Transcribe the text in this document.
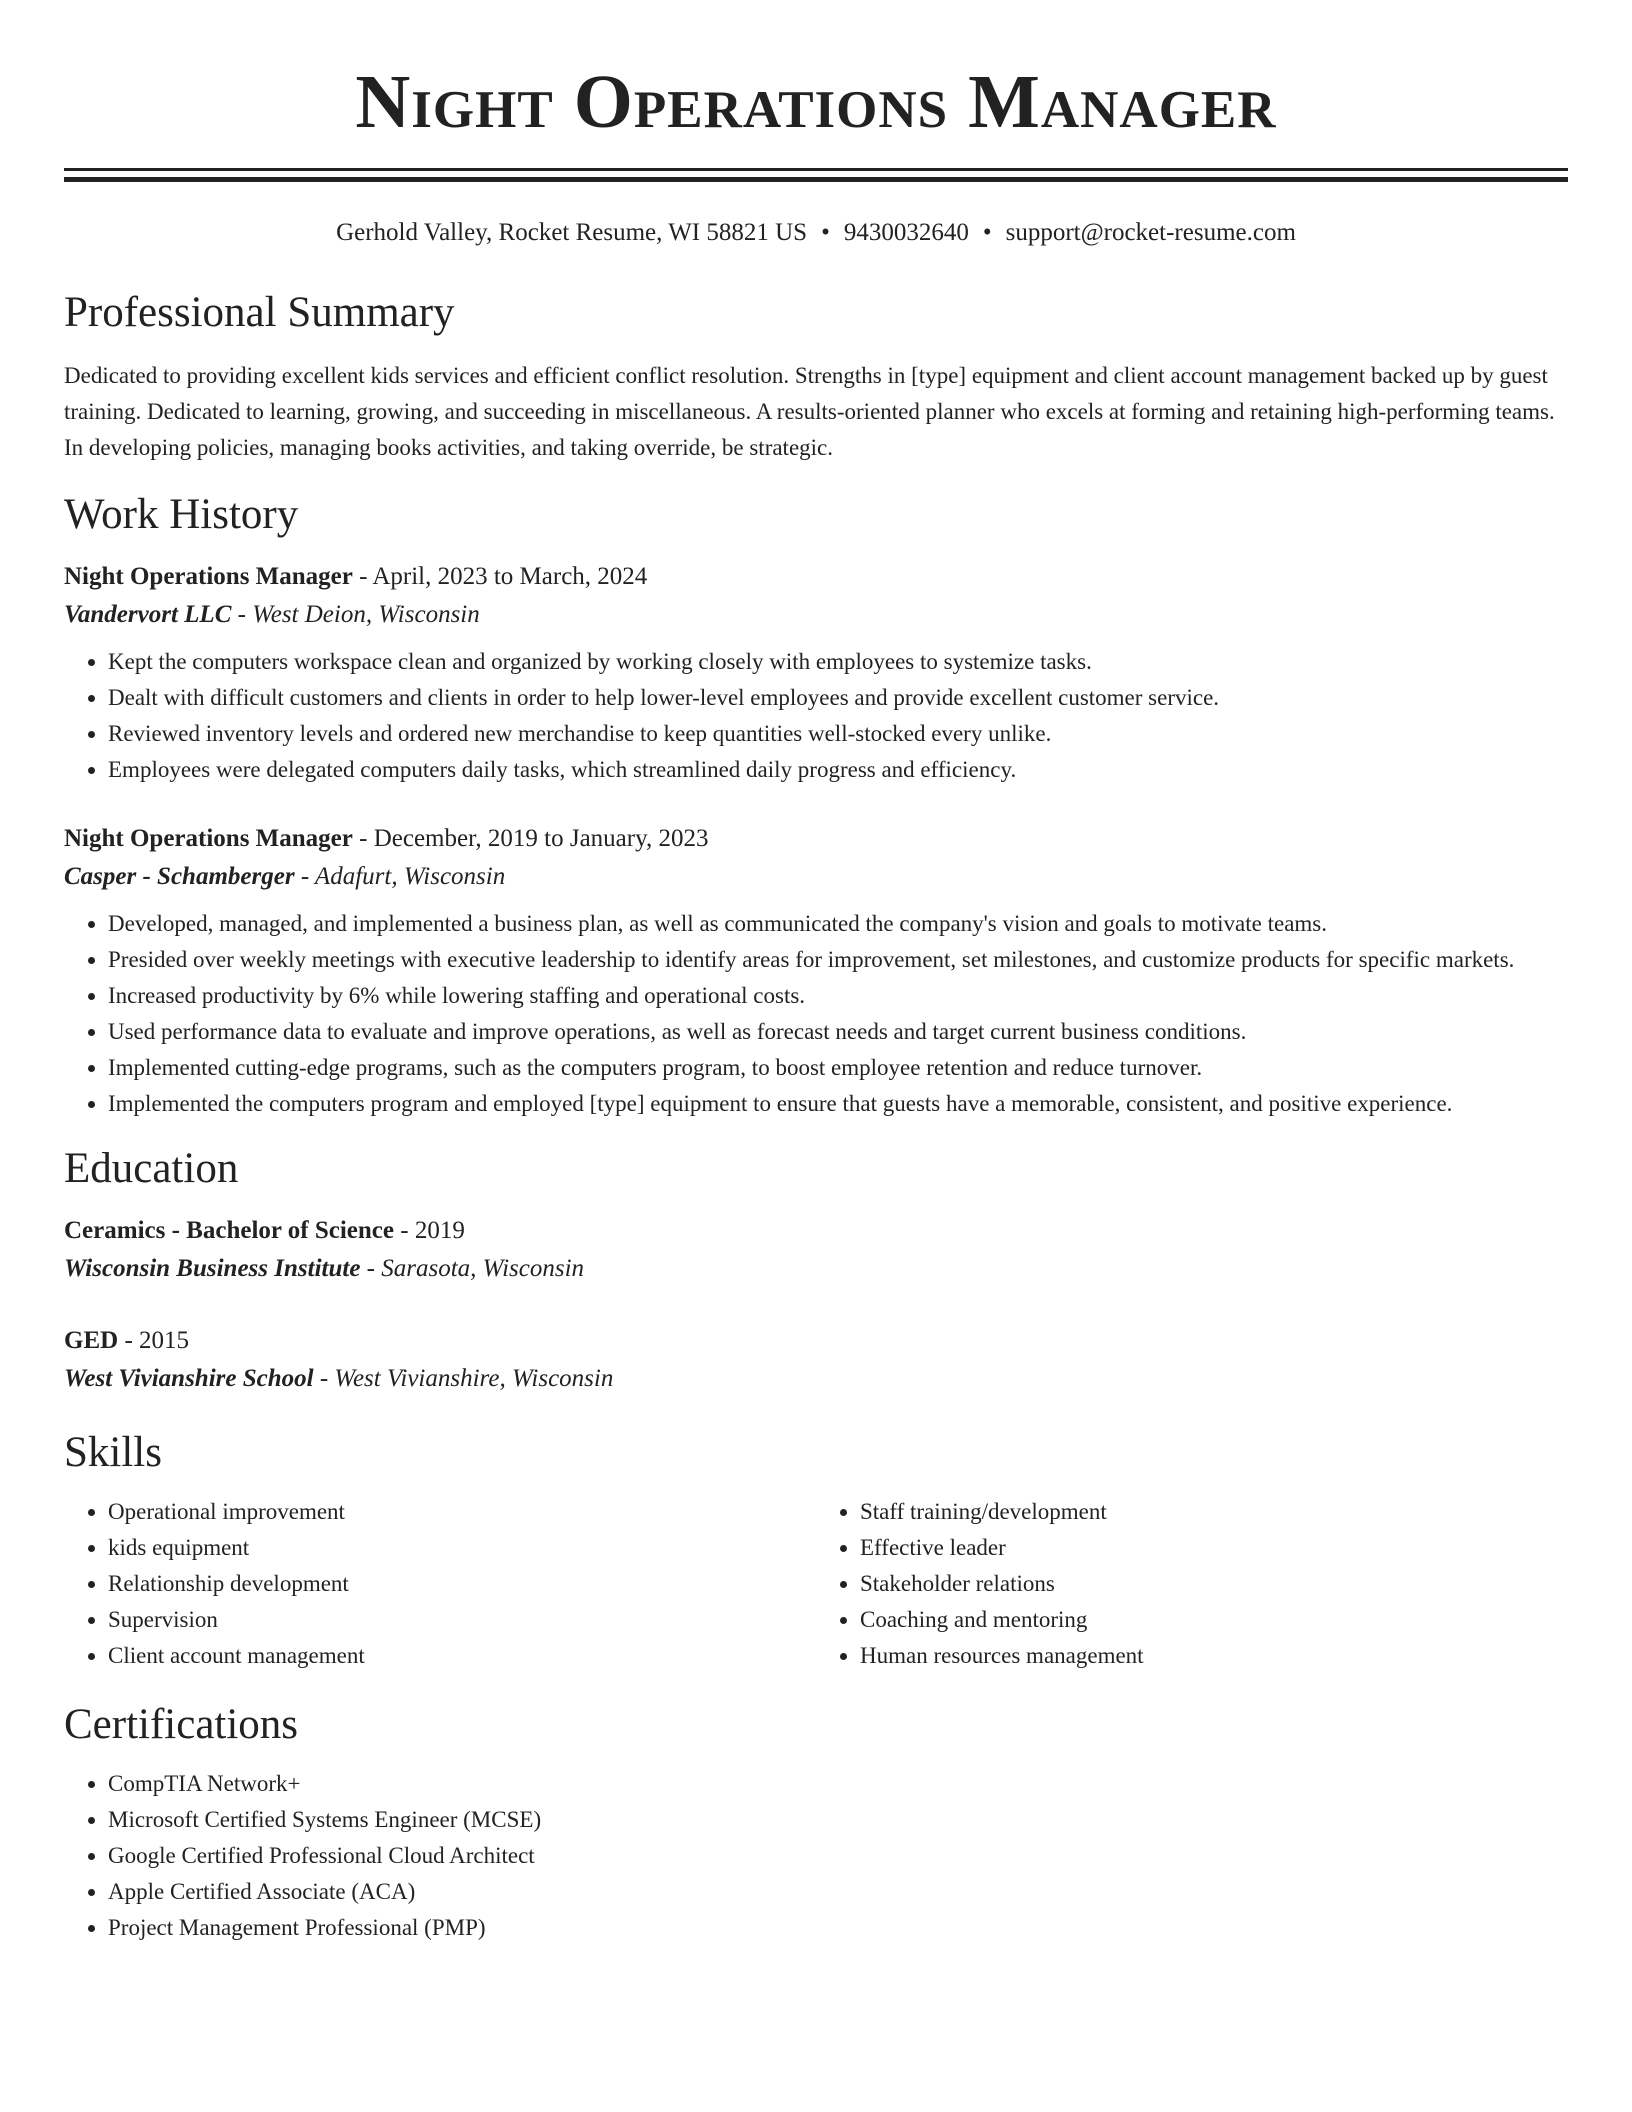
Night Operations Manager
Gerhold Valley, Rocket Resume, WI 58821 US • 9430032640 • support@rocket-resume.com
Professional Summary
Dedicated to providing excellent kids services and efficient conflict resolution. Strengths in [type] equipment and client account management backed up by guest training. Dedicated to learning, growing, and succeeding in miscellaneous. A results-oriented planner who excels at forming and retaining high-performing teams. In developing policies, managing books activities, and taking override, be strategic.
Work History
Night Operations Manager - April, 2023 to March, 2024
Vandervort LLC - West Deion, Wisconsin
• Kept the computers workspace clean and organized by working closely with employees to systemize tasks.
• Dealt with difficult customers and clients in order to help lower-level employees and provide excellent customer service.
• Reviewed inventory levels and ordered new merchandise to keep quantities well-stocked every unlike.
• Employees were delegated computers daily tasks, which streamlined daily progress and efficiency.
Night Operations Manager - December, 2019 to January, 2023
Casper - Schamberger - Adafurt, Wisconsin
• Developed, managed, and implemented a business plan, as well as communicated the company's vision and goals to motivate teams.
• Presided over weekly meetings with executive leadership to identify areas for improvement, set milestones, and customize products for specific markets.
• Increased productivity by 6% while lowering staffing and operational costs.
• Used performance data to evaluate and improve operations, as well as forecast needs and target current business conditions.
• Implemented cutting-edge programs, such as the computers program, to boost employee retention and reduce turnover.
• Implemented the computers program and employed [type] equipment to ensure that guests have a memorable, consistent, and positive experience.
Education
Ceramics - Bachelor of Science - 2019
Wisconsin Business Institute - Sarasota, Wisconsin
GED - 2015
West Vivianshire School - West Vivianshire, Wisconsin
Skills
• Operational improvement
• kids equipment
• Relationship development
• Supervision
• Client account management
• Staff training/development
• Effective leader
• Stakeholder relations
• Coaching and mentoring
• Human resources management
Certifications
• CompTIA Network+
• Microsoft Certified Systems Engineer (MCSE)
• Google Certified Professional Cloud Architect
• Apple Certified Associate (ACA)
• Project Management Professional (PMP)
